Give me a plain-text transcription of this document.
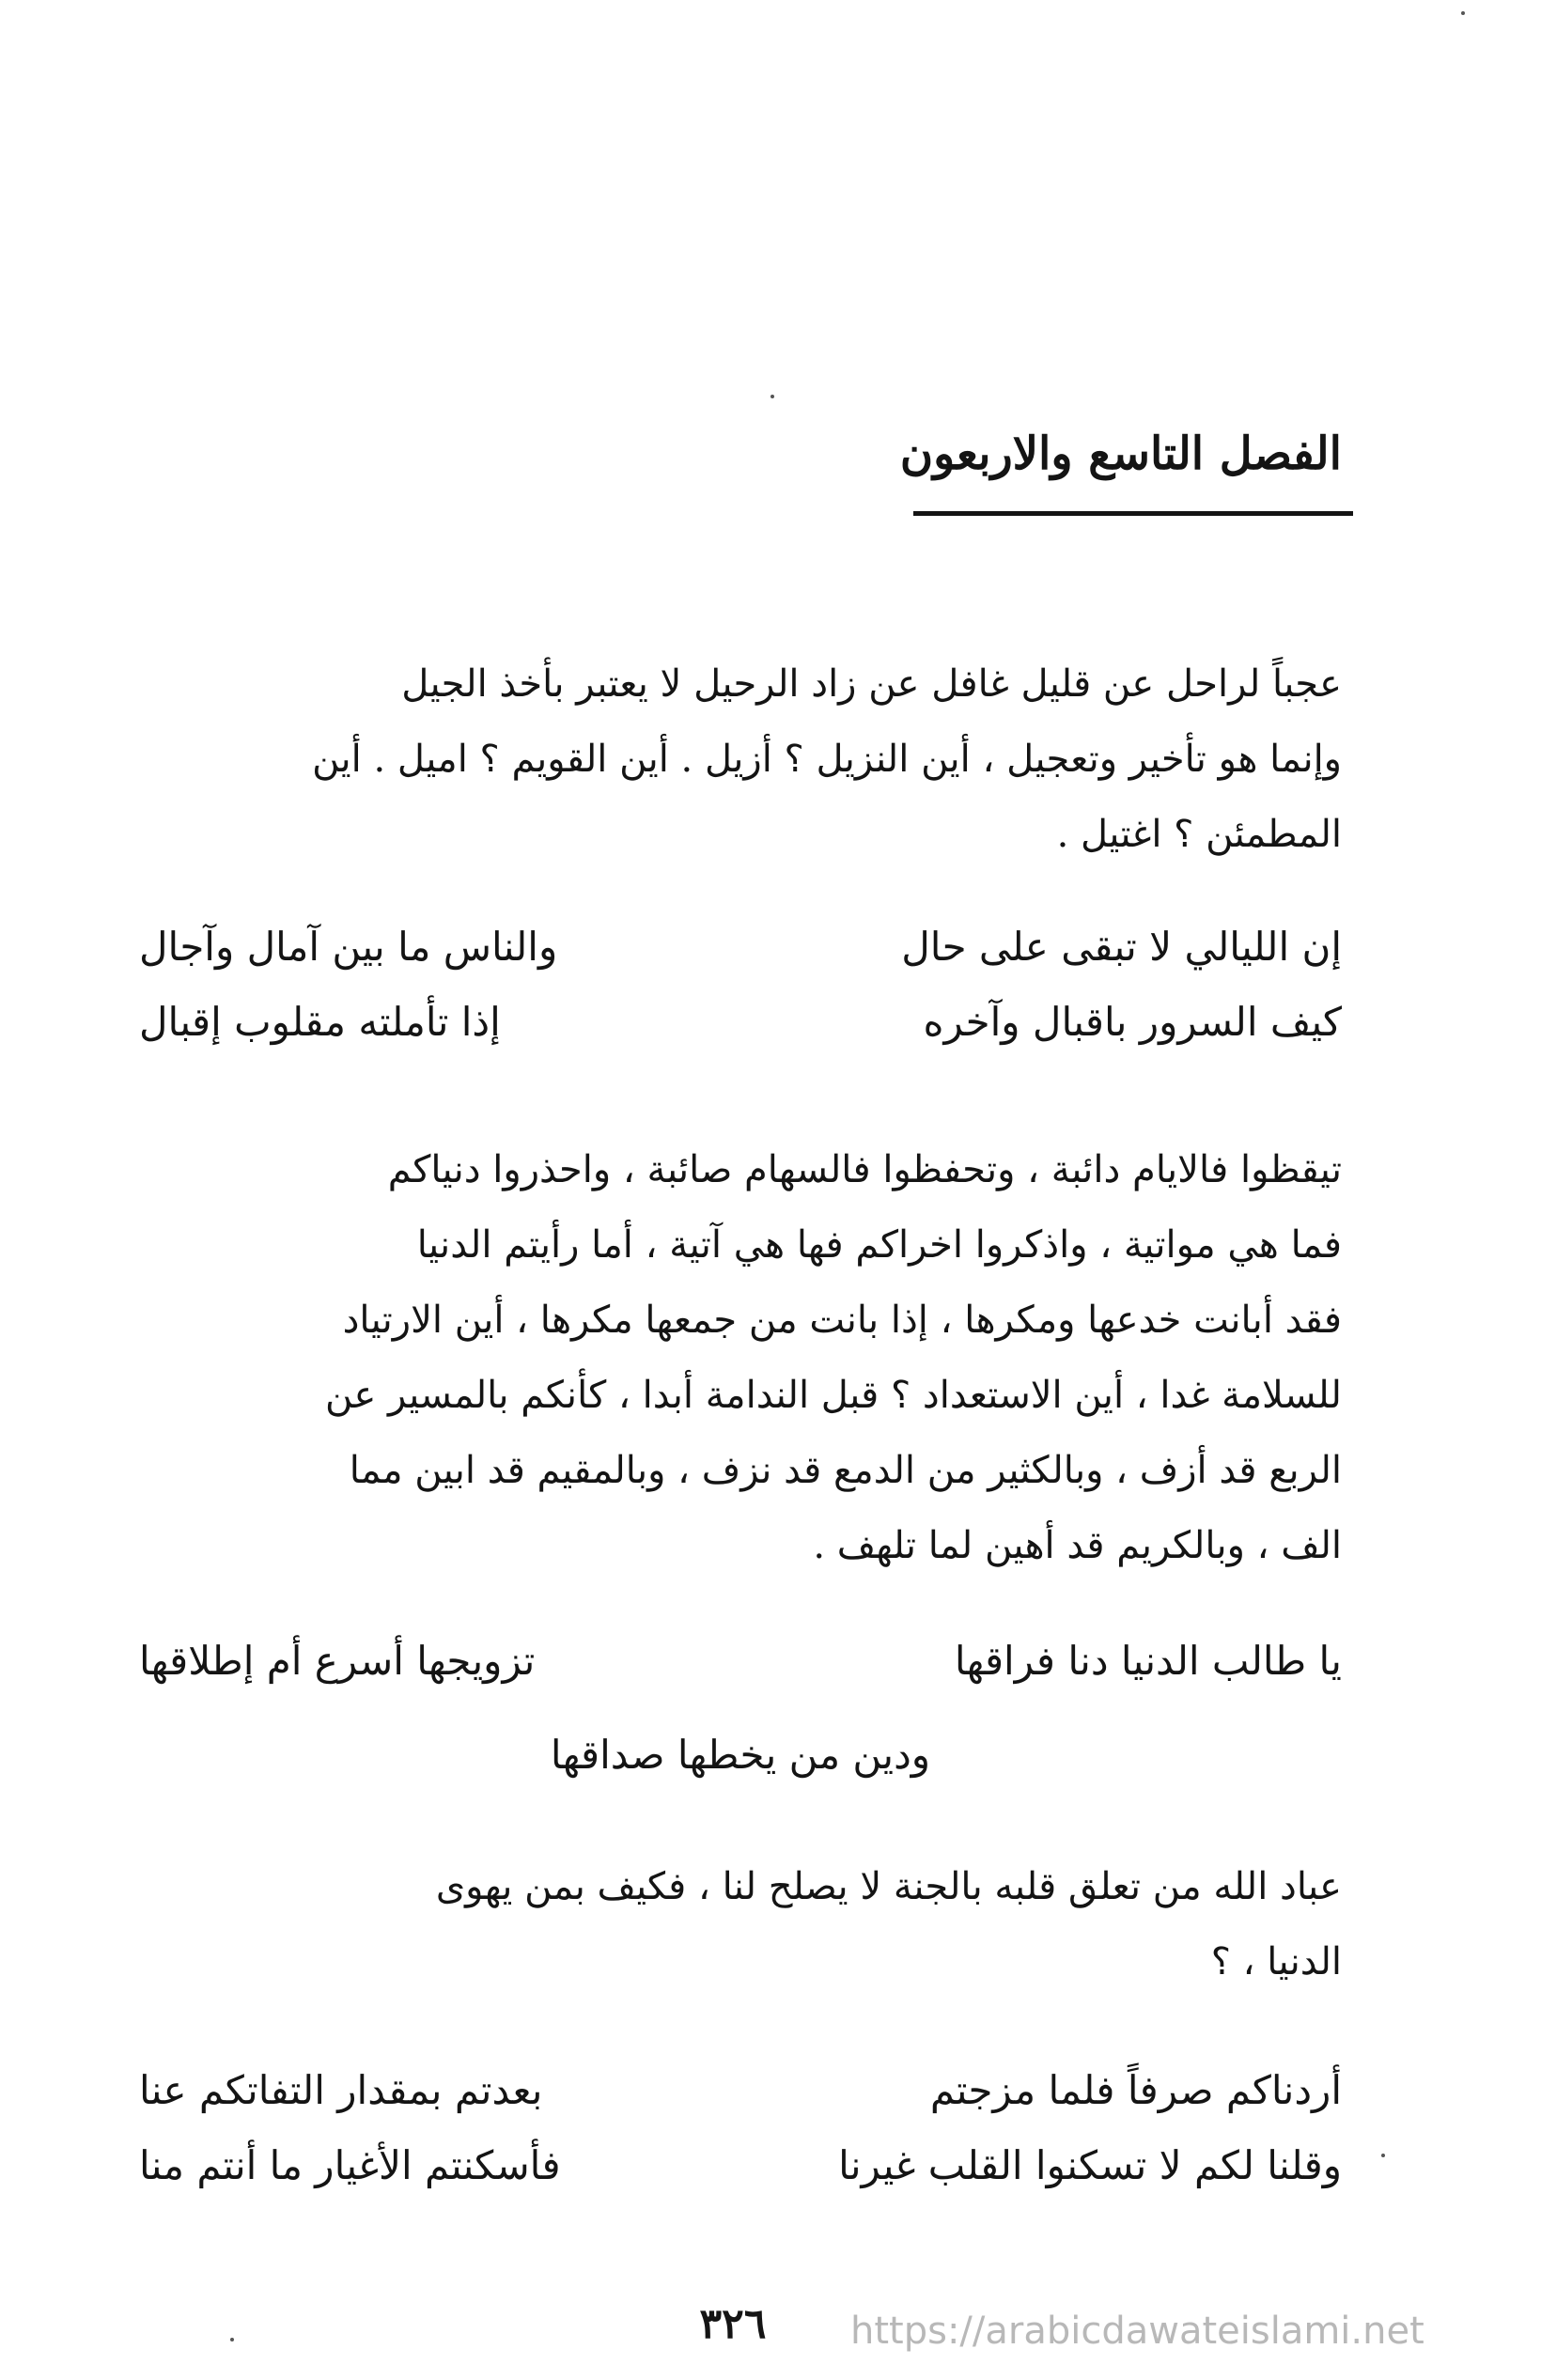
الفصل التاسع والاربعون

عجباً لراحل عن قليل غافل عن زاد الرحيل لا يعتبر بأخذ الجيل

وإنما هو تأخير وتعجيل ، أين النزيل ؟ أزيل . أين القويم ؟ اميل . أين

المطمئن ؟ اغتيل .

إن الليالي لا تبقى على حال
والناس ما بين آمال وآجال
كيف السرور باقبال وآخره
إذا تأملته مقلوب إقبال

تيقظوا فالايام دائبة ، وتحفظوا فالسهام صائبة ، واحذروا دنياكم

فما هي مواتية ، واذكروا اخراكم فها هي آتية ، أما رأيتم الدنيا

فقد أبانت خدعها ومكرها ، إذا بانت من جمعها مكرها ، أين الارتياد

للسلامة غدا ، أين الاستعداد ؟ قبل الندامة أبدا ، كأنكم بالمسير عن

الربع قد أزف ، وبالكثير من الدمع قد نزف ، وبالمقيم قد ابين مما

الف ، وبالكريم قد أهين لما تلهف .

يا طالب الدنيا دنا فراقها
تزويجها أسرع أم إطلاقها
ودين من يخطها صداقها

عباد الله من تعلق قلبه بالجنة لا يصلح لنا ، فكيف بمن يهوى

الدنيا ، ؟

أردناكم صرفاً فلما مزجتم
بعدتم بمقدار التفاتكم عنا
وقلنا لكم لا تسكنوا القلب غيرنا
فأسكنتم الأغيار ما أنتم منا
٣٢٦	https://arabicdawateislami.net
